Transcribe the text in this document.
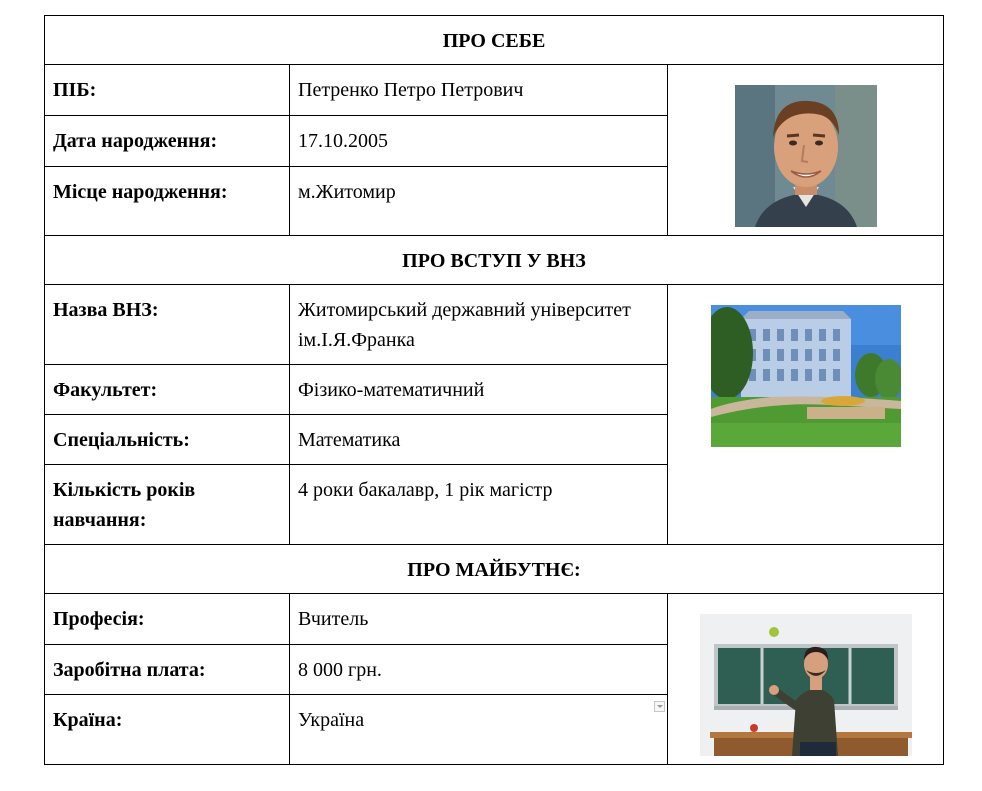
ПРО СЕБЕ		
ПІБ:	Петренко Петро Петрович	

Дата народження:	17.10.2005	
Місце народження:	м.Житомир	
ПРО ВСТУП У ВНЗ		
Назва ВНЗ:	Житомирський державний університет ім.І.Я.Франка	

Факультет:	Фізико-математичний	
Спеціальність:	Математика	
Кількість років навчання:	4 роки бакалавр, 1 рік магістр	
ПРО МАЙБУТНЄ:		
Професія:	Вчитель	

Заробітна плата:	8 000 грн.	
Країна:	Україна	
